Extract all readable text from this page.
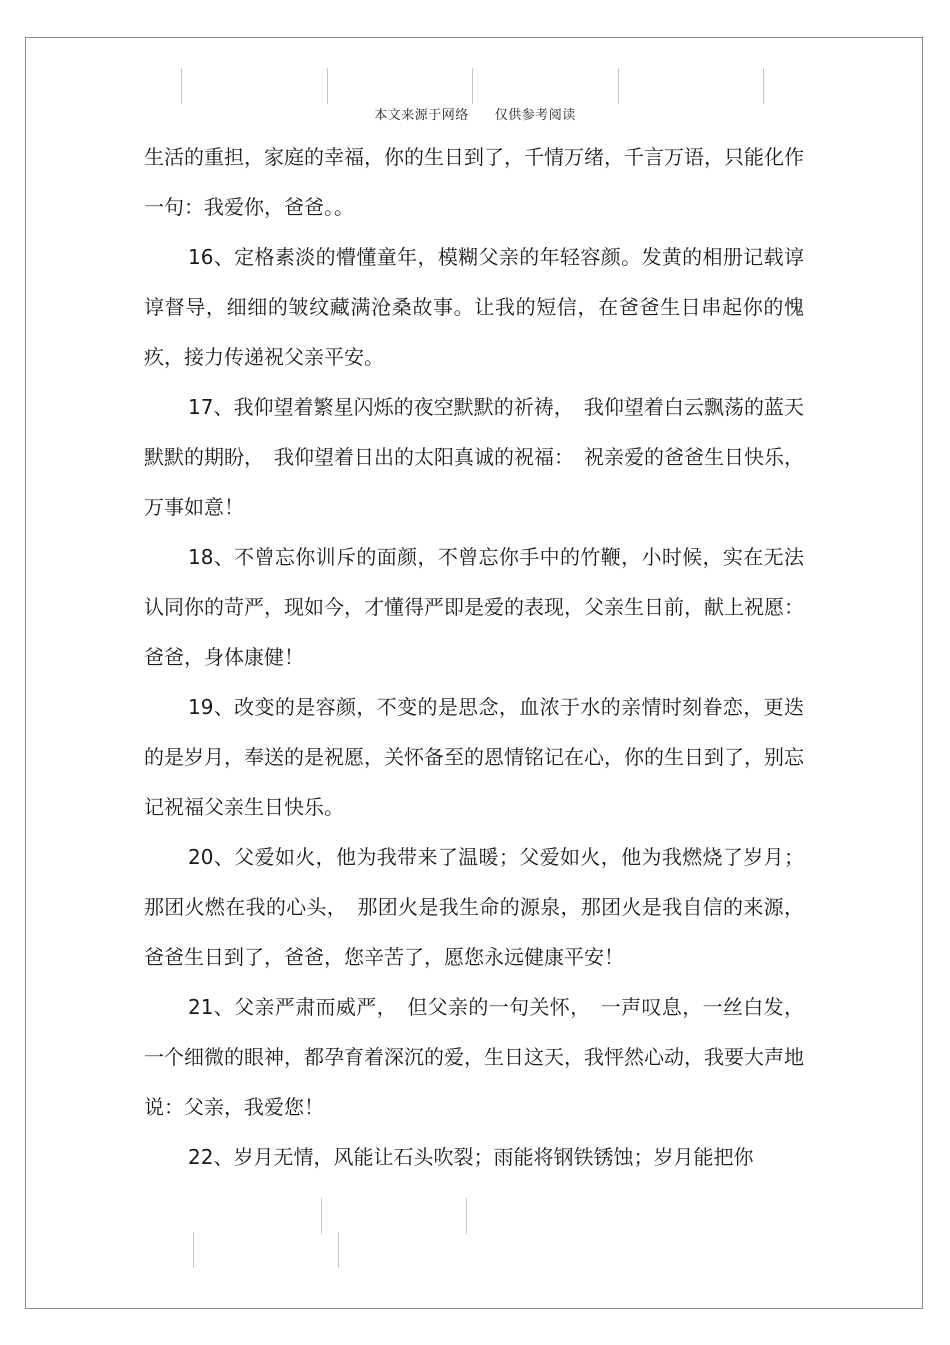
本文来源于网络 仅供参考阅读

生活的重担，家庭的幸福，你的生日到了，千情万绪，千言万语，只能化作一句：我爱你，爸爸。。

16、定格素淡的懵懂童年，模糊父亲的年轻容颜。发黄的相册记载谆谆督导，细细的皱纹藏满沧桑故事。让我的短信，在爸爸生日串起你的愧疚，接力传递祝父亲平安。

17、我仰望着繁星闪烁的夜空默默的祈祷，　我仰望着白云飘荡的蓝天默默的期盼，　我仰望着日出的太阳真诚的祝福：　祝亲爱的爸爸生日快乐，万事如意！

18、不曾忘你训斥的面颜，不曾忘你手中的竹鞭，小时候，实在无法认同你的苛严，现如今，才懂得严即是爱的表现，父亲生日前，献上祝愿：爸爸，身体康健！

19、改变的是容颜，不变的是思念，血浓于水的亲情时刻眷恋，更迭的是岁月，奉送的是祝愿，关怀备至的恩情铭记在心，你的生日到了，别忘记祝福父亲生日快乐。

20、父爱如火，他为我带来了温暖；父爱如火，他为我燃烧了岁月；那团火燃在我的心头，　那团火是我生命的源泉，那团火是我自信的来源，爸爸生日到了，爸爸，您辛苦了，愿您永远健康平安！

21、父亲严肃而威严，　但父亲的一句关怀，　一声叹息，一丝白发，一个细微的眼神，都孕育着深沉的爱，生日这天，我怦然心动，我要大声地说：父亲，我爱您！

22、岁月无情，风能让石头吹裂；雨能将钢铁锈蚀；岁月能把你
